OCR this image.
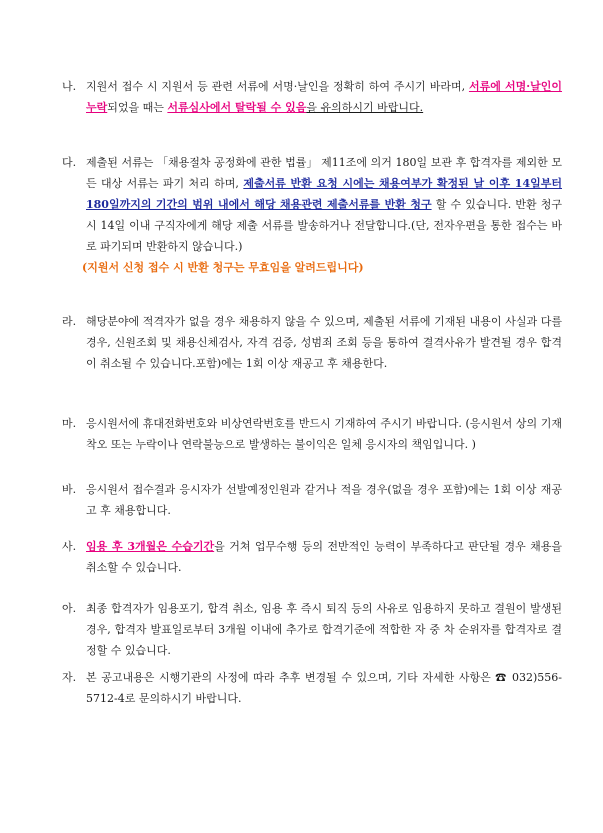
나. 지원서 접수 시 지원서 등 관련 서류에 서명·날인을 정확히 하여 주시기 바라며, 서류에 서명·날인이 누락되었을 때는 서류심사에서 탈락될 수 있음을 유의하시기 바랍니다.
다. 제출된 서류는 「채용절차 공정화에 관한 법률」 제11조에 의거 180일 보관 후 합격자를 제외한 모든 대상 서류는 파기 처리 하며, 제출서류 반환 요청 시에는 채용여부가 확정된 날 이후 14일부터 180일까지의 기간의 범위 내에서 해당 채용관련 제출서류를 반환 청구 할 수 있습니다. 반환 청구 시 14일 이내 구직자에게 해당 제출 서류를 발송하거나 전달합니다.(단, 전자우편을 통한 접수는 바로 파기되며 반환하지 않습니다.)
(지원서 신청 접수 시 반환 청구는 무효임을 알려드립니다)
라. 해당분야에 적격자가 없을 경우 채용하지 않을 수 있으며, 제출된 서류에 기재된 내용이 사실과 다를 경우, 신원조회 및 채용신체검사, 자격 검증, 성범죄 조회 등을 통하여 결격사유가 발견될 경우 합격이 취소될 수 있습니다.포함)에는 1회 이상 재공고 후 채용한다.
마. 응시원서에 휴대전화번호와 비상연락번호를 반드시 기재하여 주시기 바랍니다. (응시원서 상의 기재착오 또는 누락이나 연락불능으로 발생하는 불이익은 일체 응시자의 책임입니다. )
바. 응시원서 접수결과 응시자가 선발예정인원과 같거나 적을 경우(없을 경우 포함)에는 1회 이상 재공고 후 채용합니다.
사. 임용 후 3개월은 수습기간을 거쳐 업무수행 등의 전반적인 능력이 부족하다고 판단될 경우 채용을 취소할 수 있습니다.
아. 최종 합격자가 임용포기, 합격 취소, 임용 후 즉시 퇴직 등의 사유로 임용하지 못하고 결원이 발생된 경우, 합격자 발표일로부터 3개월 이내에 추가로 합격기준에 적합한 자 중 차 순위자를 합격자로 결정할 수 있습니다.
자. 본 공고내용은 시행기관의 사정에 따라 추후 변경될 수 있으며, 기타 자세한 사항은 ☎ 032)556-5712-4로 문의하시기 바랍니다.
